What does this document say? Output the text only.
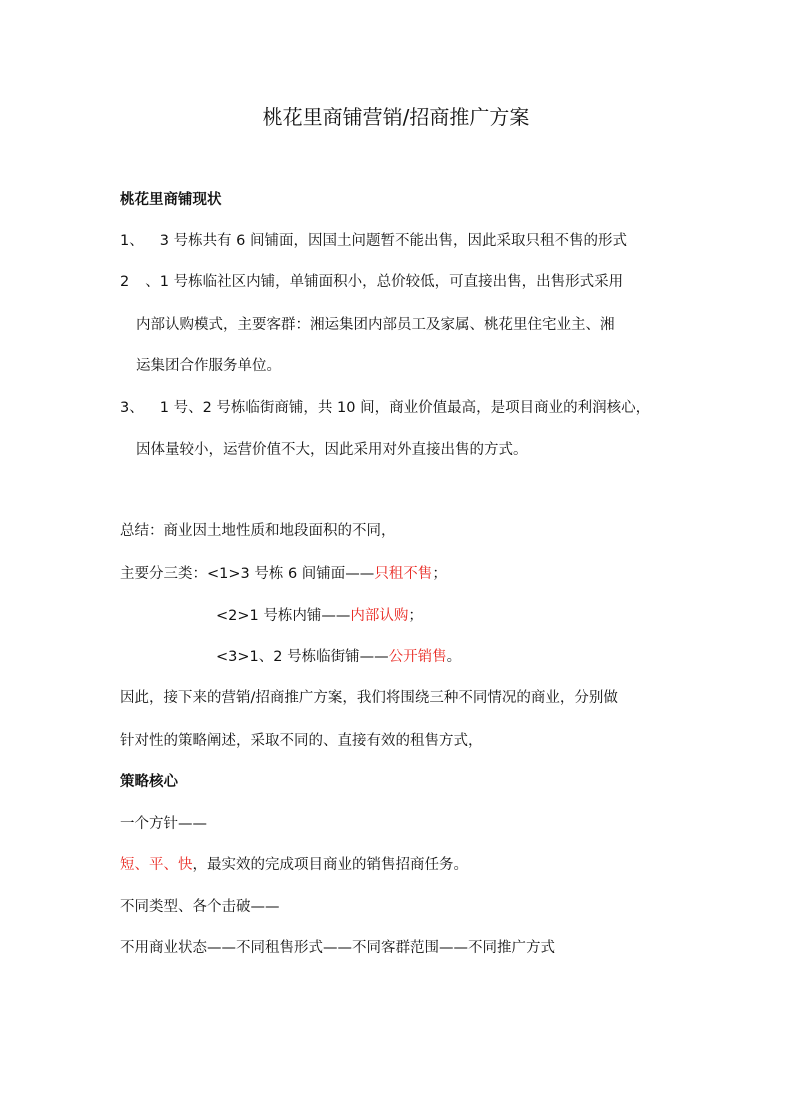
桃花里商铺营销/招商推广方案
桃花里商铺现状
1、 3 号栋共有 6 间铺面，因国土问题暂不能出售，因此采取只租不售的形式
2 、1 号栋临社区内铺，单铺面积小，总价较低，可直接出售，出售形式采用
内部认购模式，主要客群：湘运集团内部员工及家属、桃花里住宅业主、湘
运集团合作服务单位。
3、 1 号、2 号栋临街商铺，共 10 间，商业价值最高，是项目商业的利润核心，
因体量较小，运营价值不大，因此采用对外直接出售的方式。
总结：商业因土地性质和地段面积的不同，
主要分三类：<1>3 号栋 6 间铺面——只租不售；
<2>1 号栋内铺——内部认购；
<3>1、2 号栋临街铺——公开销售。
因此，接下来的营销/招商推广方案，我们将围绕三种不同情况的商业，分别做
针对性的策略阐述，采取不同的、直接有效的租售方式，
策略核心
一个方针——
短、平、快，最实效的完成项目商业的销售招商任务。
不同类型、各个击破——
不用商业状态——不同租售形式——不同客群范围——不同推广方式
